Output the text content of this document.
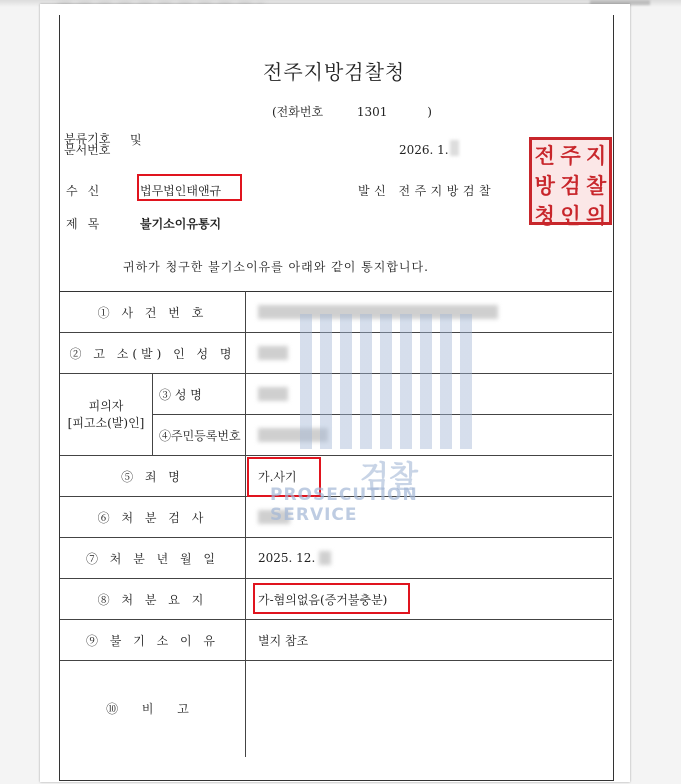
전주지방검찰청
(전화번호	1301	)
분류기호
문서번호
및
2026. 1.
수신	법무법인태앤규	발신 전주지방검찰
전 주 지
방 검 찰
청 인 의
제목	불기소이유통지
귀하가 청구한 불기소이유를 아래와 같이 통지합니다.
① 사 건 번 호		
② 고 소(발) 인 성 명		

피의자
[피고소(발)인]	③ 성 명	
	④주민등록번호	
⑤ 죄 명		가.사기

⑥ 처 분 검 사		
⑦ 처 분 년 월 일		2025. 12.
⑧ 처 분 요 지		가-혐의없음(증거불충분)

⑨ 불 기 소 이 유		별지 참조
⑩ 비 고		
검찰
PROSECUTION SERVICE
